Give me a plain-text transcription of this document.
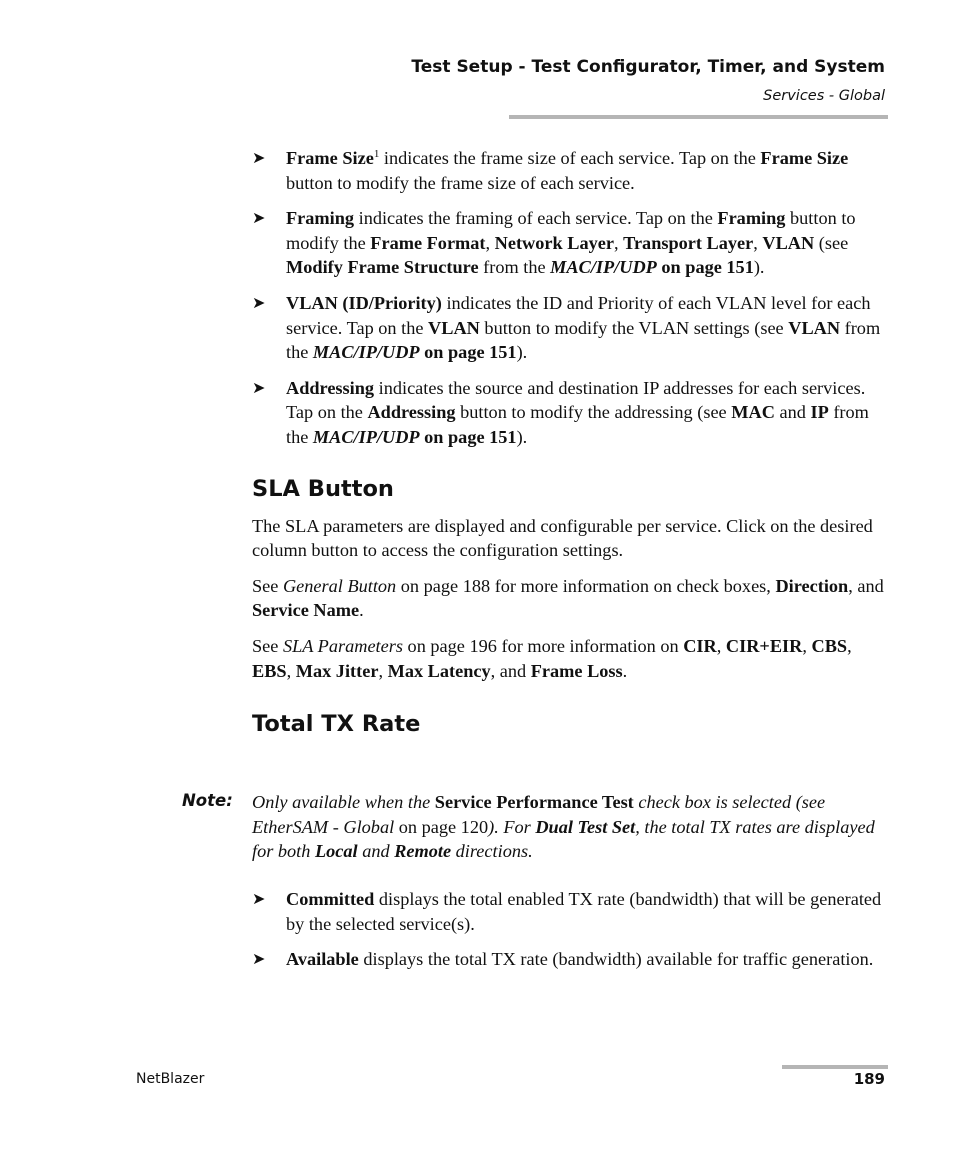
Test Setup - Test Configurator, Timer, and System
Services - Global
➤ Frame Size$^1$ indicates the frame size of each service. Tap on the Frame Size button to modify the frame size of each service.
➤ Framing indicates the framing of each service. Tap on the Framing button to modify the Frame Format, Network Layer, Transport Layer, VLAN (see Modify Frame Structure from the MAC/IP/UDP on page 151).
➤ VLAN (ID/Priority) indicates the ID and Priority of each VLAN level for each service. Tap on the VLAN button to modify the VLAN settings (see VLAN from the MAC/IP/UDP on page 151).
➤ Addressing indicates the source and destination IP addresses for each services. Tap on the Addressing button to modify the addressing (see MAC and IP from the MAC/IP/UDP on page 151).
SLA Button

The SLA parameters are displayed and configurable per service. Click on the desired column button to access the configuration settings.

See General Button on page 188 for more information on check boxes, Direction, and Service Name.

See SLA Parameters on page 196 for more information on CIR, CIR+EIR, CBS, EBS, Max Jitter, Max Latency, and Frame Loss.

Total TX Rate
Note: Only available when the Service Performance Test check box is selected (see EtherSAM - Global on page 120). For Dual Test Set, the total TX rates are displayed for both Local and Remote directions.
➤ Committed displays the total enabled TX rate (bandwidth) that will be generated by the selected service(s).
➤ Available displays the total TX rate (bandwidth) available for traffic generation.
NetBlazer	189
